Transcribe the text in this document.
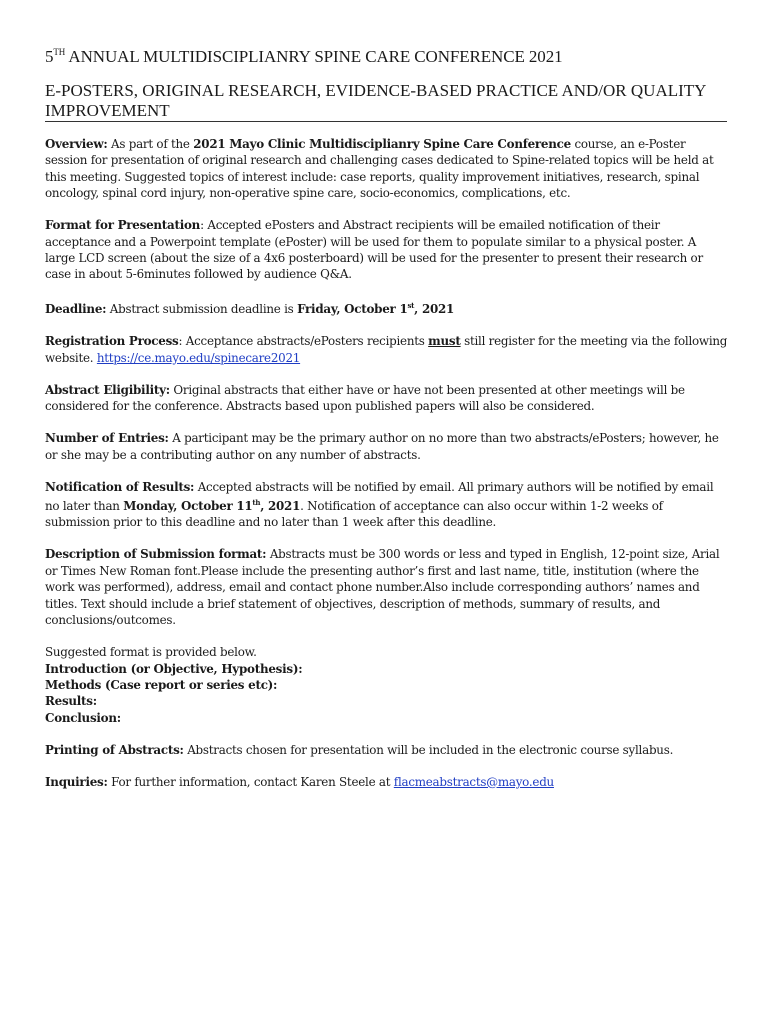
5TH ANNUAL MULTIDISCIPLIANRY SPINE CARE CONFERENCE 2021
E-POSTERS, ORIGINAL RESEARCH, EVIDENCE-BASED PRACTICE AND/OR QUALITY IMPROVEMENT

Overview: As part of the 2021 Mayo Clinic Multidisciplianry Spine Care Conference course, an e-Poster session for presentation of original research and challenging cases dedicated to Spine-related topics will be held at this meeting. Suggested topics of interest include: case reports, quality improvement initiatives, research, spinal oncology, spinal cord injury, non-operative spine care, socio-economics, complications, etc.

Format for Presentation: Accepted ePosters and Abstract recipients will be emailed notification of their acceptance and a Powerpoint template (ePoster) will be used for them to populate similar to a physical poster. A large LCD screen (about the size of a 4x6 posterboard) will be used for the presenter to present their research or case in about 5-6minutes followed by audience Q&A.

Deadline: Abstract submission deadline is Friday, October 1st, 2021

Registration Process: Acceptance abstracts/ePosters recipients must still register for the meeting via the following website. https://ce.mayo.edu/spinecare2021

Abstract Eligibility: Original abstracts that either have or have not been presented at other meetings will be considered for the conference. Abstracts based upon published papers will also be considered.

Number of Entries: A participant may be the primary author on no more than two abstracts/ePosters; however, he or she may be a contributing author on any number of abstracts.

Notification of Results: Accepted abstracts will be notified by email. All primary authors will be notified by email no later than Monday, October 11th, 2021. Notification of acceptance can also occur within 1-2 weeks of submission prior to this deadline and no later than 1 week after this deadline.

Description of Submission format: Abstracts must be 300 words or less and typed in English, 12-point size, Arial or Times New Roman font.Please include the presenting author’s first and last name, title, institution (where the work was performed), address, email and contact phone number.Also include corresponding authors’ names and titles. Text should include a brief statement of objectives, description of methods, summary of results, and conclusions/outcomes.

Suggested format is provided below.
Introduction (or Objective, Hypothesis):
Methods (Case report or series etc):
Results:
Conclusion:

Printing of Abstracts: Abstracts chosen for presentation will be included in the electronic course syllabus.

Inquiries: For further information, contact Karen Steele at flacmeabstracts@mayo.edu
